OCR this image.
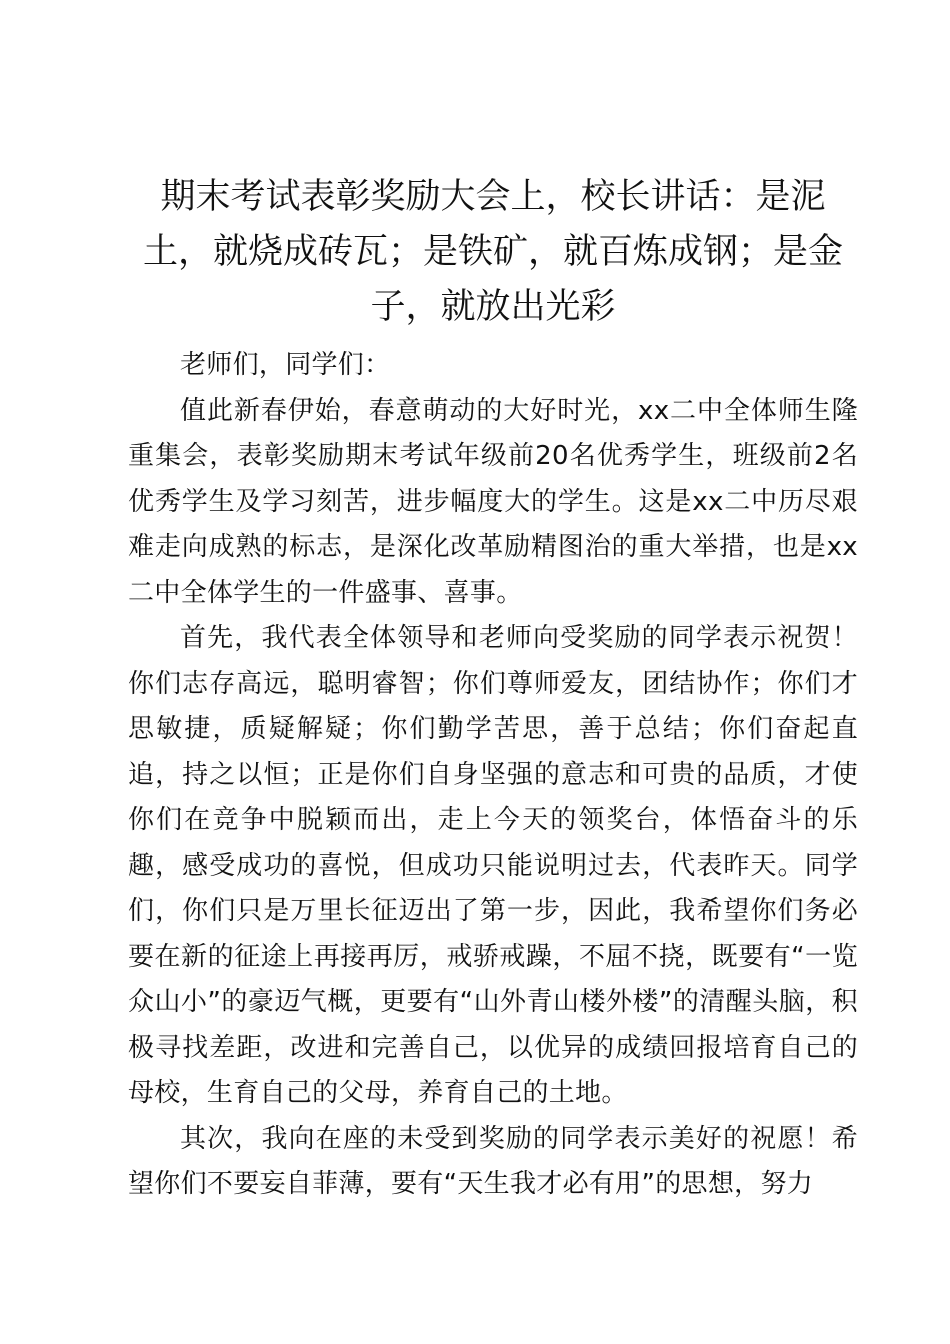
期末考试表彰奖励大会上，校长讲话：是泥土，就烧成砖瓦；是铁矿，就百炼成钢；是金子，就放出光彩

老师们，同学们：

值此新春伊始，春意萌动的大好时光，xx二中全体师生隆重集会，表彰奖励期末考试年级前20名优秀学生，班级前2名优秀学生及学习刻苦，进步幅度大的学生。这是xx二中历尽艰难走向成熟的标志，是深化改革励精图治的重大举措，也是xx二中全体学生的一件盛事、喜事。

首先，我代表全体领导和老师向受奖励的同学表示祝贺！你们志存高远，聪明睿智；你们尊师爱友，团结协作；你们才思敏捷，质疑解疑；你们勤学苦思，善于总结；你们奋起直追，持之以恒；正是你们自身坚强的意志和可贵的品质，才使你们在竞争中脱颖而出，走上今天的领奖台，体悟奋斗的乐趣，感受成功的喜悦，但成功只能说明过去，代表昨天。同学们，你们只是万里长征迈出了第一步，因此，我希望你们务必要在新的征途上再接再厉，戒骄戒躁，不屈不挠，既要有“一览众山小”的豪迈气概，更要有“山外青山楼外楼”的清醒头脑，积极寻找差距，改进和完善自己，以优异的成绩回报培育自己的母校，生育自己的父母，养育自己的土地。

其次，我向在座的未受到奖励的同学表示美好的祝愿！希望你们不要妄自菲薄，要有“天生我才必有用”的思想，努力
